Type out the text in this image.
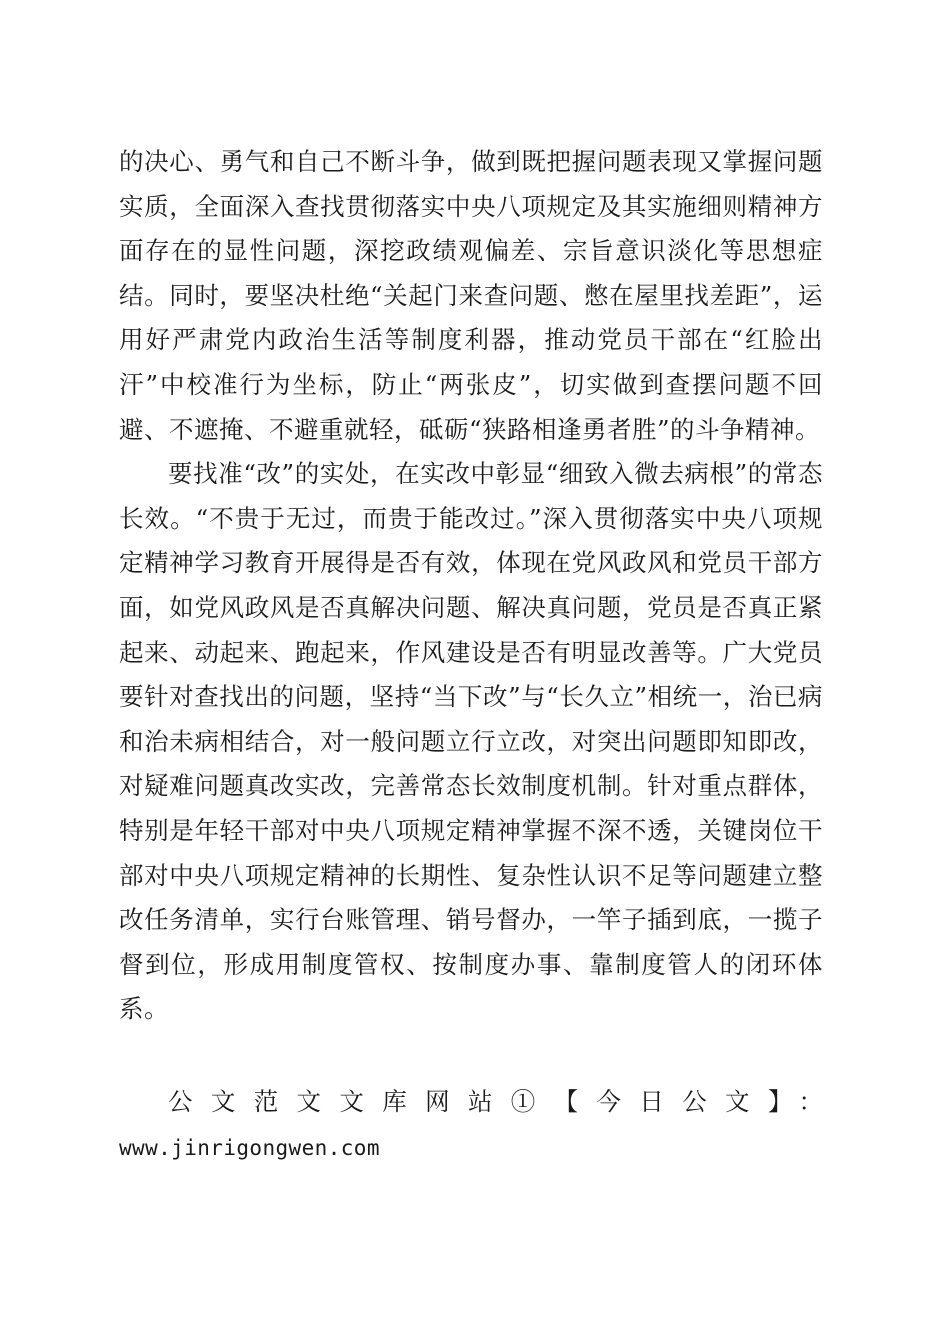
的决心、勇气和自己不断斗争，做到既把握问题表现又掌握问题实质，全面深入查找贯彻落实中央八项规定及其实施细则精神方面存在的显性问题，深挖政绩观偏差、宗旨意识淡化等思想症结。同时，要坚决杜绝“关起门来查问题、憋在屋里找差距”，运用好严肃党内政治生活等制度利器，推动党员干部在“红脸出汗”中校准行为坐标，防止“两张皮”，切实做到查摆问题不回避、不遮掩、不避重就轻，砥砺“狭路相逢勇者胜”的斗争精神。

要找准“改”的实处，在实改中彰显“细致入微去病根”的常态长效。“不贵于无过，而贵于能改过。”深入贯彻落实中央八项规定精神学习教育开展得是否有效，体现在党风政风和党员干部方面，如党风政风是否真解决问题、解决真问题，党员是否真正紧起来、动起来、跑起来，作风建设是否有明显改善等。广大党员要针对查找出的问题，坚持“当下改”与“长久立”相统一，治已病和治未病相结合，对一般问题立行立改，对突出问题即知即改，对疑难问题真改实改，完善常态长效制度机制。针对重点群体，特别是年轻干部对中央八项规定精神掌握不深不透，关键岗位干部对中央八项规定精神的长期性、复杂性认识不足等问题建立整改任务清单，实行台账管理、销号督办，一竿子插到底，一揽子督到位，形成用制度管权、按制度办事、靠制度管人的闭环体系。

公文范文文库网站①【今日公文】：
www.jinrigongwen.com
